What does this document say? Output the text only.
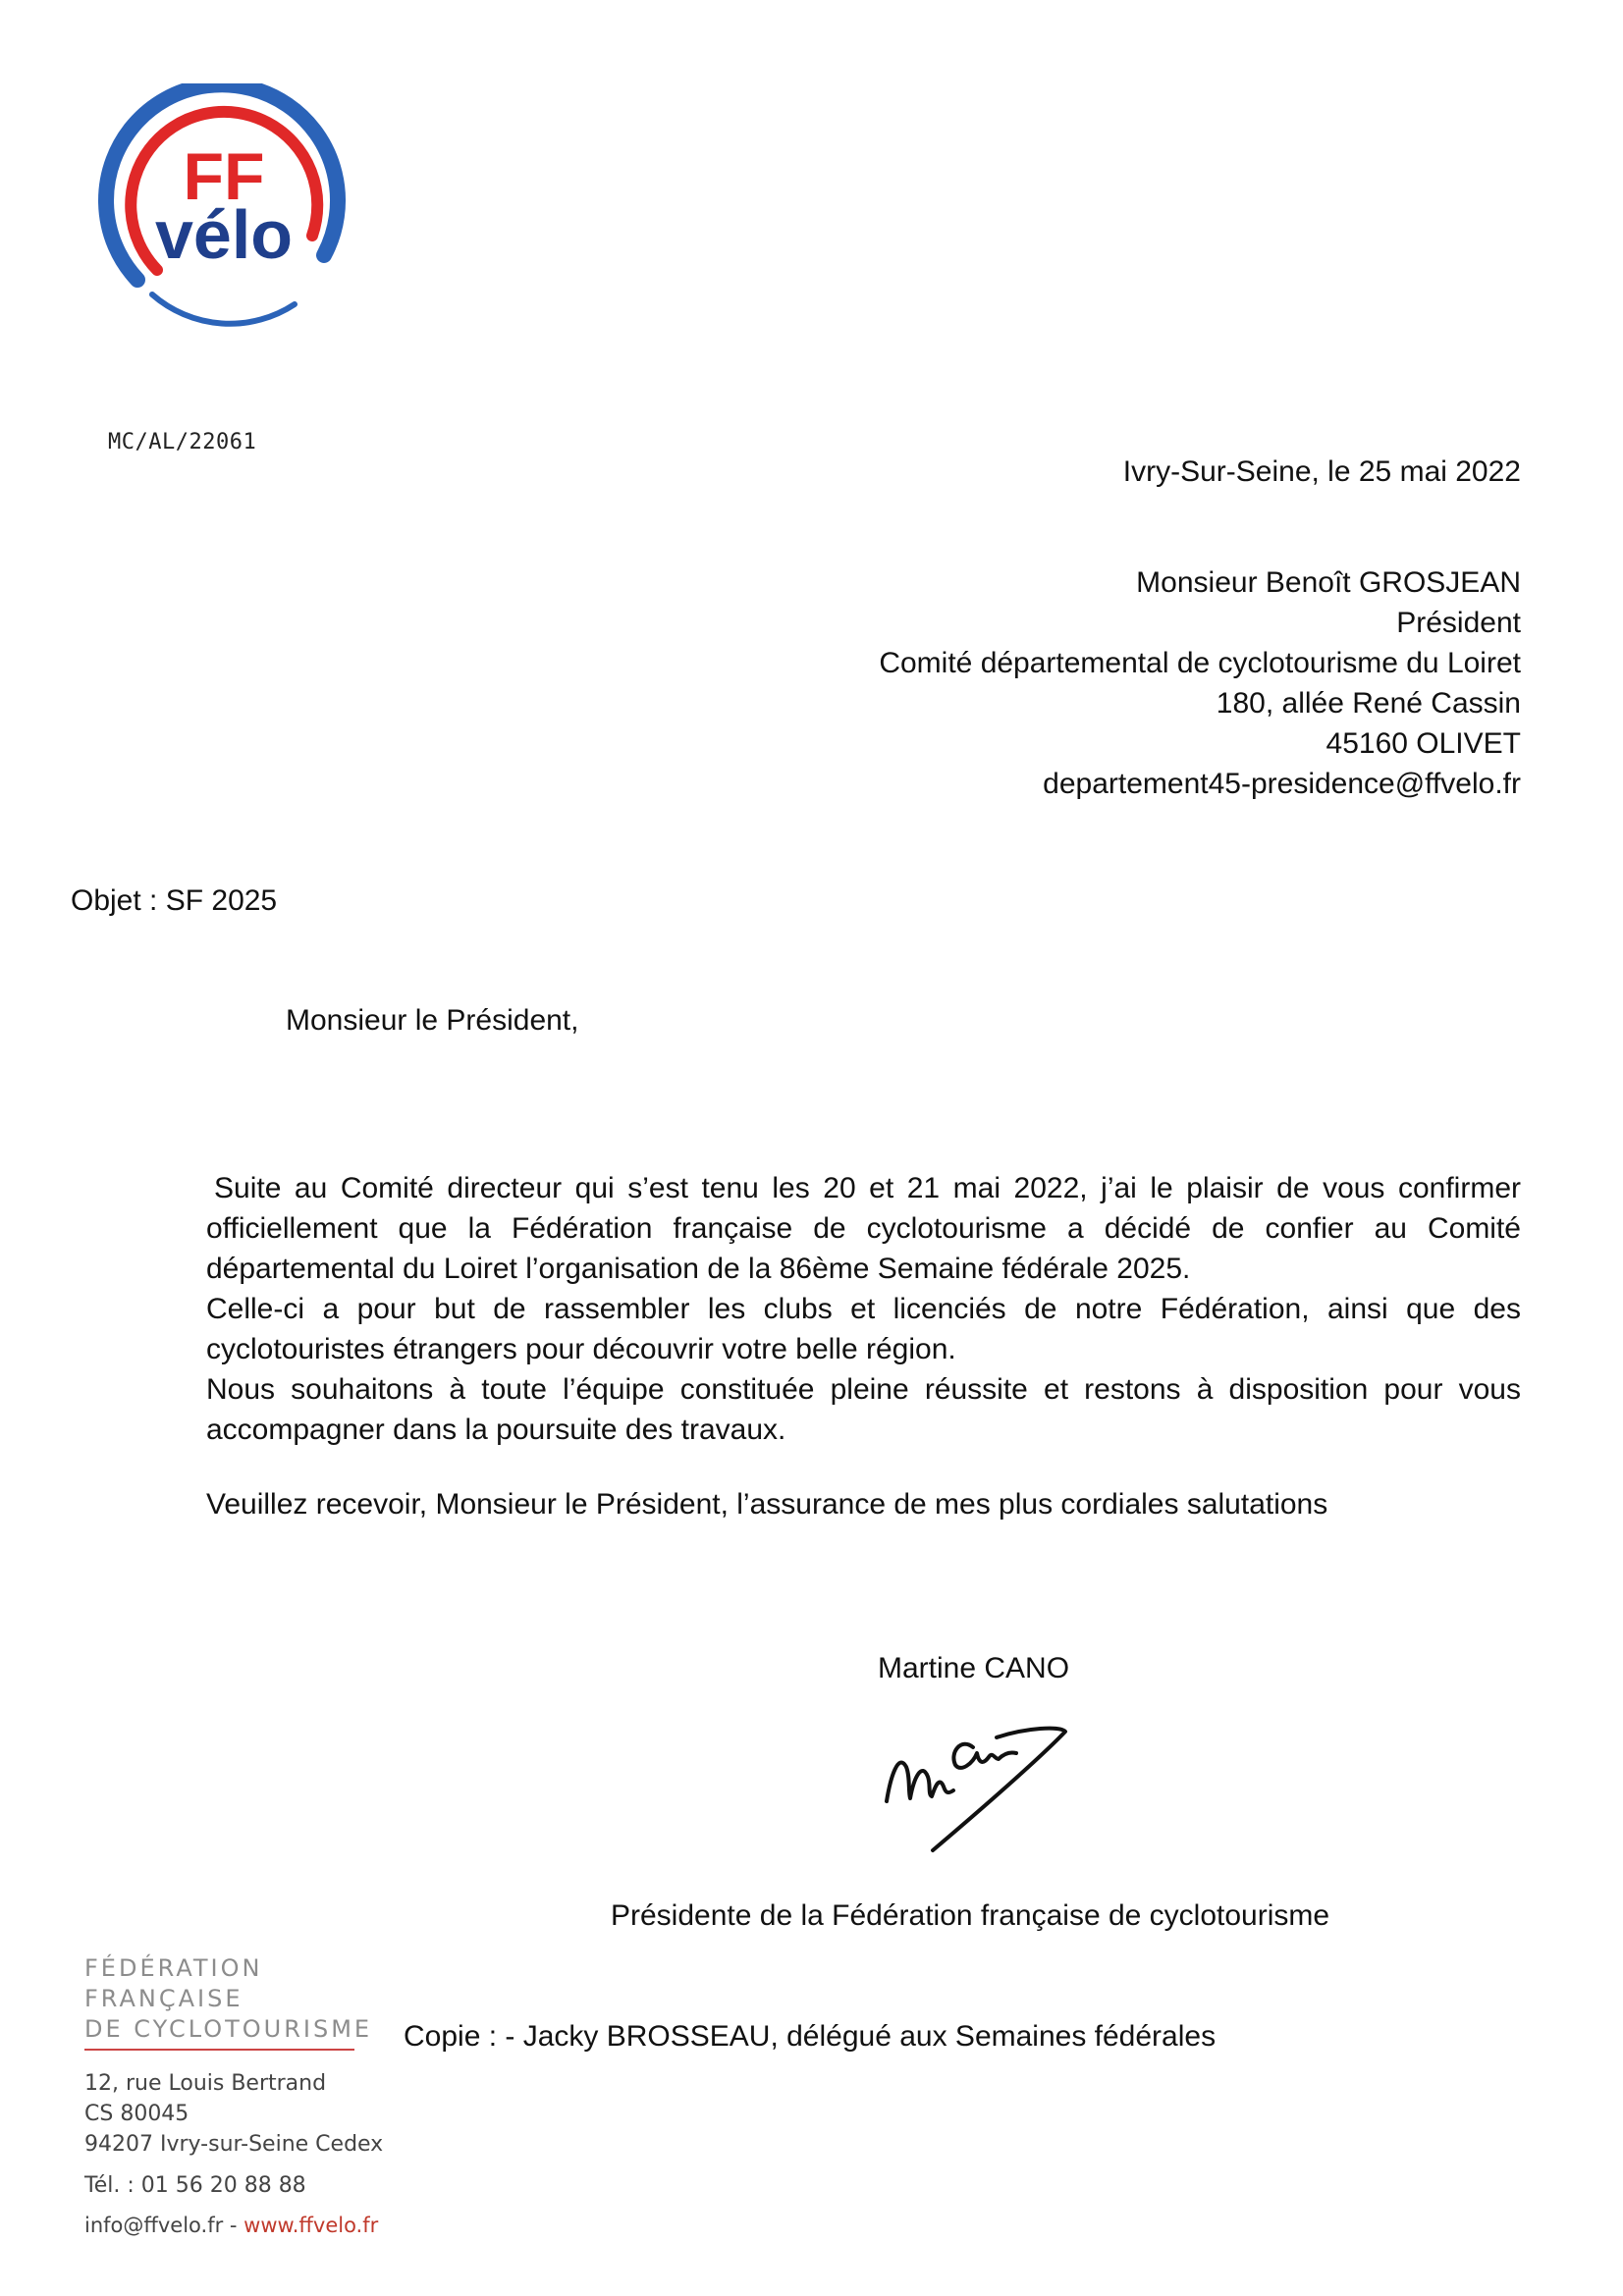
FF
vélo
MC/AL/22061
Ivry-Sur-Seine, le 25 mai 2022
Monsieur Benoît GROSJEAN
Président
Comité départemental de cyclotourisme du Loiret
180, allée René Cassin
45160 OLIVET
departement45-presidence@ffvelo.fr
Objet : SF 2025
Monsieur le Président,

Suite au Comité directeur qui s’est tenu les 20 et 21 mai 2022, j’ai le plaisir de vous confirmer officiellement que la Fédération française de cyclotourisme a décidé de confier au Comité départemental du Loiret l’organisation de la 86ème Semaine fédérale 2025.

Celle-ci a pour but de rassembler les clubs et licenciés de notre Fédération, ainsi que des cyclotouristes étrangers pour découvrir votre belle région.

Nous souhaitons à toute l’équipe constituée pleine réussite et restons à disposition pour vous accompagner dans la poursuite des travaux.

Veuillez recevoir, Monsieur le Président, l’assurance de mes plus cordiales salutations
Martine CANO
Présidente de la Fédération française de cyclotourisme
FÉDÉRATION
FRANÇAISE
DE CYCLOTOURISME
12, rue Louis Bertrand
CS 80045
94207 Ivry-sur-Seine Cedex
Tél. : 01 56 20 88 88
info@ffvelo.fr - www.ffvelo.fr
Copie : - Jacky BROSSEAU, délégué aux Semaines fédérales
